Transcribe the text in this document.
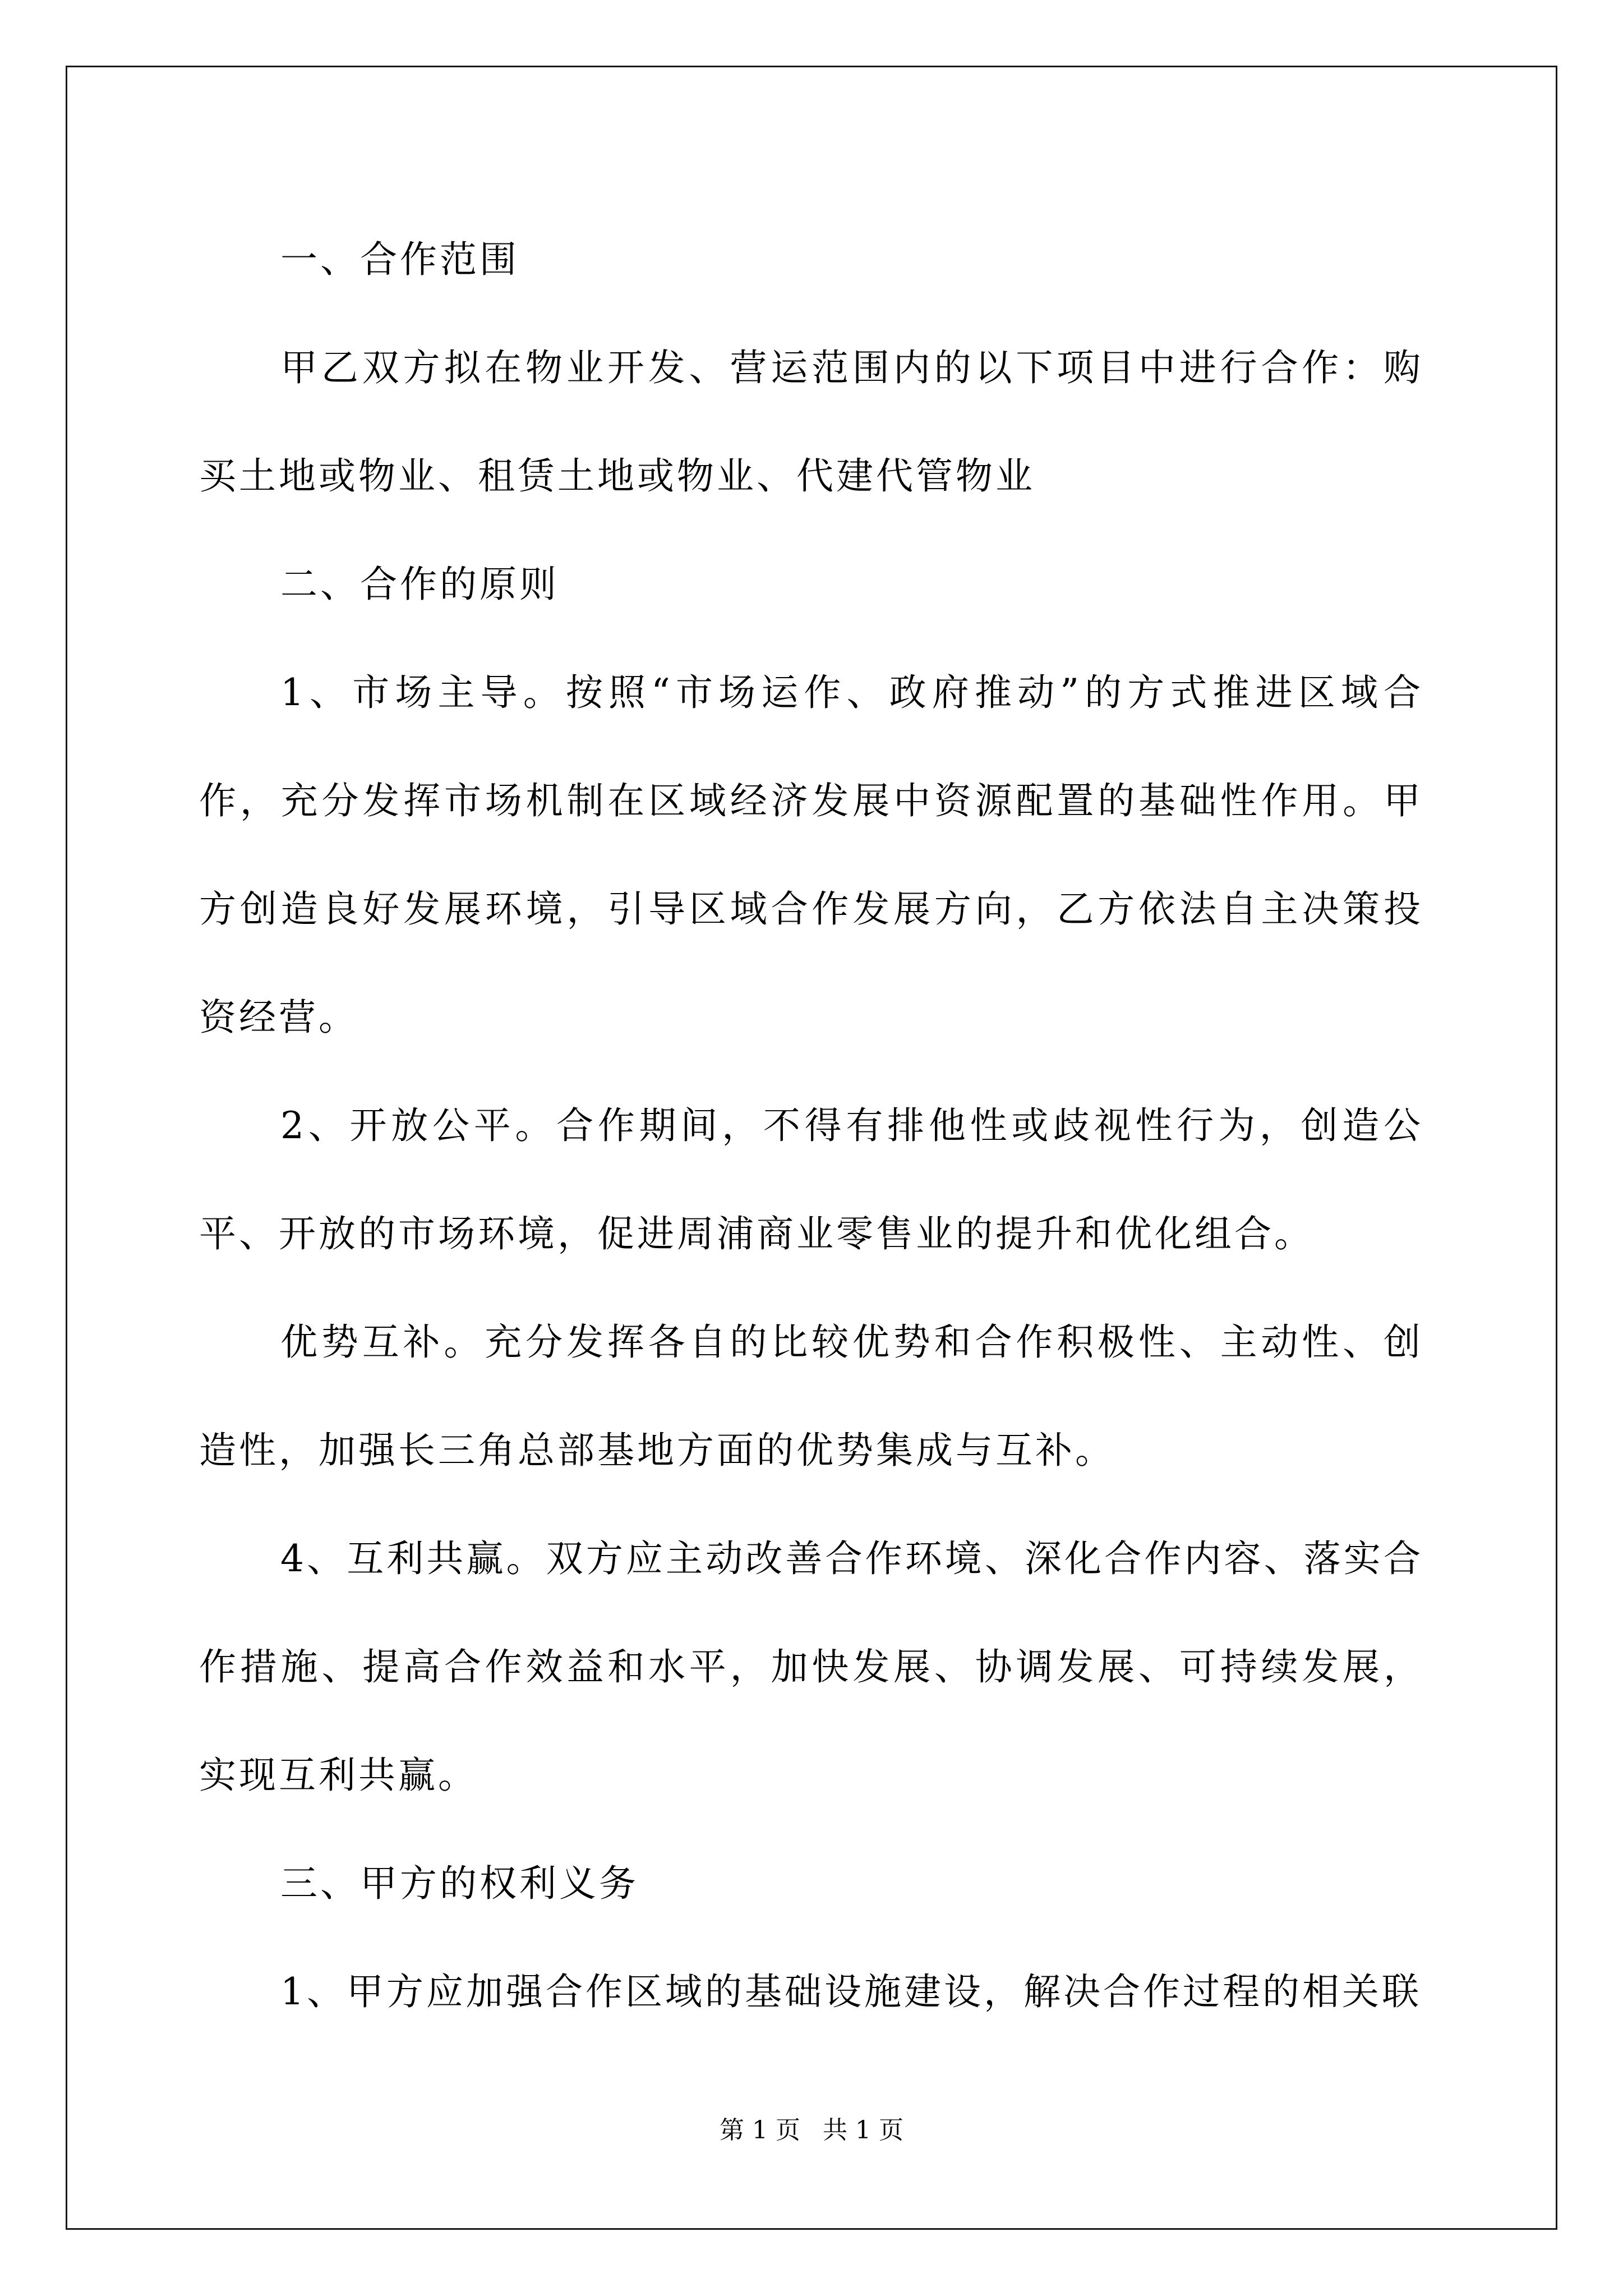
一、合作范围

甲乙双方拟在物业开发、营运范围内的以下项目中进行合作：购买土地或物业、租赁土地或物业、代建代管物业

二、合作的原则

1、市场主导。按照“市场运作、政府推动”的方式推进区域合作，充分发挥市场机制在区域经济发展中资源配置的基础性作用。甲方创造良好发展环境，引导区域合作发展方向，乙方依法自主决策投资经营。

2、开放公平。合作期间，不得有排他性或歧视性行为，创造公平、开放的市场环境，促进周浦商业零售业的提升和优化组合。

优势互补。充分发挥各自的比较优势和合作积极性、主动性、创造性，加强长三角总部基地方面的优势集成与互补。

4、互利共赢。双方应主动改善合作环境、深化合作内容、落实合作措施、提高合作效益和水平，加快发展、协调发展、可持续发展，实现互利共赢。

三、甲方的权利义务

1、甲方应加强合作区域的基础设施建设，解决合作过程的相关联

第 1 页 共 1 页
